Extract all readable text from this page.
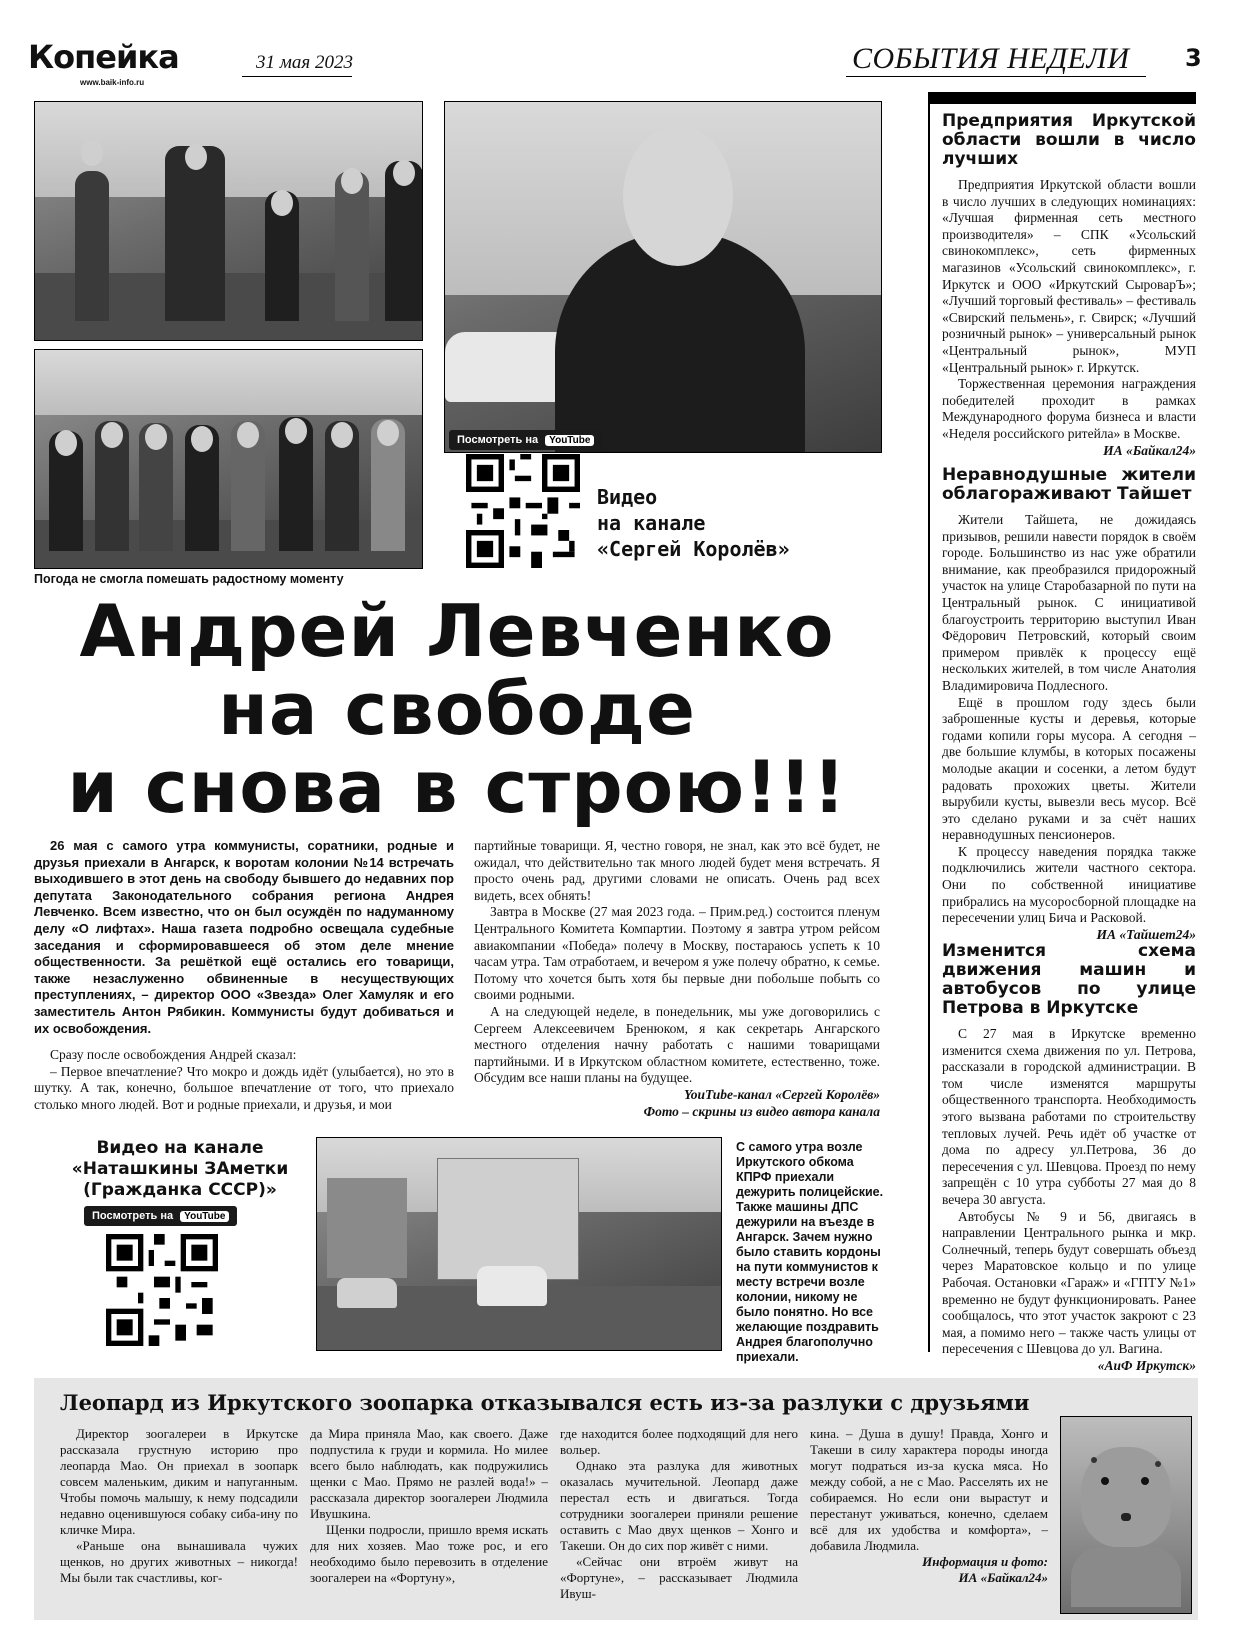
Копейка
www.baik-info.ru
31 мая 2023	СОБЫТИЯ НЕДЕЛИ 3
Погода не смогла помешать радостному моменту
Посмотреть на YouTube
Видео
на канале
«Сергей Королёв»
Андрей Левченко
на свободе
и снова в строю!!!

26 мая с самого утра коммунисты, соратники, родные и друзья приехали в Ангарск, к воротам колонии №14 встречать выходившего в этот день на свободу бывшего до недавних пор депутата Законодательного собрания региона Андрея Левченко. Всем известно, что он был осуждён по надуманному делу «О лифтах». Наша газета подробно освещала судебные заседания и сформировавшееся об этом деле мнение общественности. За решёткой ещё остались его товарищи, также незаслуженно обвиненные в несуществующих преступлениях, – директор ООО «Звезда» Олег Хамуляк и его заместитель Антон Рябикин. Коммунисты будут добиваться и их освобождения.

Сразу после освобождения Андрей сказал:

– Первое впечатление? Что мокро и дождь идёт (улыбается), но это в шутку. А так, конечно, большое впечатление от того, что приехало столько много людей. Вот и родные приехали, и друзья, и мои

партийные товарищи. Я, честно говоря, не знал, как это всё будет, не ожидал, что действительно так много людей будет меня встречать. Я просто очень рад, другими словами не описать. Очень рад всех видеть, всех обнять!

Завтра в Москве (27 мая 2023 года. – Прим.ред.) состоится пленум Центрального Комитета Компартии. Поэтому я завтра утром рейсом авиакомпании «Победа» полечу в Москву, постараюсь успеть к 10 часам утра. Там отработаем, и вечером я уже полечу обратно, к семье. Потому что хочется быть хотя бы первые дни побольше побыть со своими родными.

А на следующей неделе, в понедельник, мы уже договорились с Сергеем Алексеевичем Бренюком, я как секретарь Ангарского местного отделения начну работать с нашими товарищами партийными. И в Иркутском областном комитете, естественно, тоже. Обсудим все наши планы на будущее.

YouTube-канал «Сергей Королёв»

Фото – скрины из видео автора канала

Видео на канале
«Наташкины ЗАметки
(Гражданка СССР)»
Посмотреть на YouTube
С самого утра возле Иркутского обкома КПРФ приехали дежурить полицейские. Также машины ДПС дежурили на въезде в Ангарск. Зачем нужно было ставить кордоны на пути коммунистов к месту встречи возле колонии, никому не было понятно. Но все желающие поздравить Андрея благополучно приехали.
Предприятия Иркутской области вошли в число лучших

Предприятия Иркутской области вошли в число лучших в следующих номинациях: «Лучшая фирменная сеть местного производителя» – СПК «Усольский свинокомплекс», сеть фирменных магазинов «Усольский свинокомплекс», г. Иркутск и ООО «Иркутский СыроварЪ»; «Лучший торговый фестиваль» – фестиваль «Свирский пельмень», г. Свирск; «Лучший розничный рынок» – универсальный рынок «Центральный рынок», МУП «Центральный рынок» г. Иркутск.

Торжественная церемония награждения победителей проходит в рамках Международного форума бизнеса и власти «Неделя российского ритейла» в Москве.

ИА «Байкал24»

Неравнодушные жители облагораживают Тайшет

Жители Тайшета, не дожидаясь призывов, решили навести порядок в своём городе. Большинство из нас уже обратили внимание, как преобразился придорожный участок на улице Старобазарной по пути на Центральный рынок. С инициативой благоустроить территорию выступил Иван Фёдорович Петровский, который своим примером привлёк к процессу ещё нескольких жителей, в том числе Анатолия Владимировича Подлесного.

Ещё в прошлом году здесь были заброшенные кусты и деревья, которые годами копили горы мусора. А сегодня – две большие клумбы, в которых посажены молодые акации и сосенки, а летом будут радовать прохожих цветы. Жители вырубили кусты, вывезли весь мусор. Всё это сделано руками и за счёт наших неравнодушных пенсионеров.

К процессу наведения порядка также подключились жители частного сектора. Они по собственной инициативе прибрались на мусоросборной площадке на пересечении улиц Бича и Расковой.

ИА «Тайшет24»

Изменится схема движения машин и автобусов по улице Петрова в Иркутске

С 27 мая в Иркутске временно изменится схема движения по ул. Петрова, рассказали в городской администрации. В том числе изменятся маршруты общественного транспорта. Необходимость этого вызвана работами по строительству тепловых лучей. Речь идёт об участке от дома по адресу ул.Петрова, 36 до пересечения с ул. Шевцова. Проезд по нему запрещён с 10 утра субботы 27 мая до 8 вечера 30 августа.

Автобусы № 9 и 56, двигаясь в направлении Центрального рынка и мкр. Солнечный, теперь будут совершать объезд через Маратовское кольцо и по улице Рабочая. Остановки «Гараж» и «ГПТУ №1» временно не будут функционировать. Ранее сообщалось, что этот участок закроют с 23 мая, а помимо него – также часть улицы от пересечения с Шевцова до ул. Вагина.

«АиФ Иркутск»

Леопард из Иркутского зоопарка отказывался есть из-за разлуки с друзьями

Директор зоогалереи в Иркутске рассказала грустную историю про леопарда Мао. Он приехал в зоопарк совсем маленьким, диким и напуганным. Чтобы помочь малышу, к нему подсадили недавно оценившуюся собаку сиба-ину по кличке Мира.

«Раньше она вынашивала чужих щенков, но других животных – никогда! Мы были так счастливы, ког-

да Мира приняла Мао, как своего. Даже подпустила к груди и кормила. Но милее всего было наблюдать, как подружились щенки с Мао. Прямо не разлей вода!» – рассказала директор зоогалереи Людмила Ивушкина.

Щенки подросли, пришло время искать для них хозяев. Мао тоже рос, и его необходимо было перевозить в отделение зоогалереи на «Фортуну»,

где находится более подходящий для него вольер.

Однако эта разлука для животных оказалась мучительной. Леопард даже перестал есть и двигаться. Тогда сотрудники зоогалереи приняли решение оставить с Мао двух щенков – Хонго и Такеши. Он до сих пор живёт с ними.

«Сейчас они втроём живут на «Фортуне», – рассказывает Людмила Ивуш-

кина. – Душа в душу! Правда, Хонго и Такеши в силу характера породы иногда могут подраться из-за куска мяса. Но между собой, а не с Мао. Расселять их не собираемся. Но если они вырастут и перестанут уживаться, конечно, сделаем всё для их удобства и комфорта», – добавила Людмила.

Информация и фото:

ИА «Байкал24»
